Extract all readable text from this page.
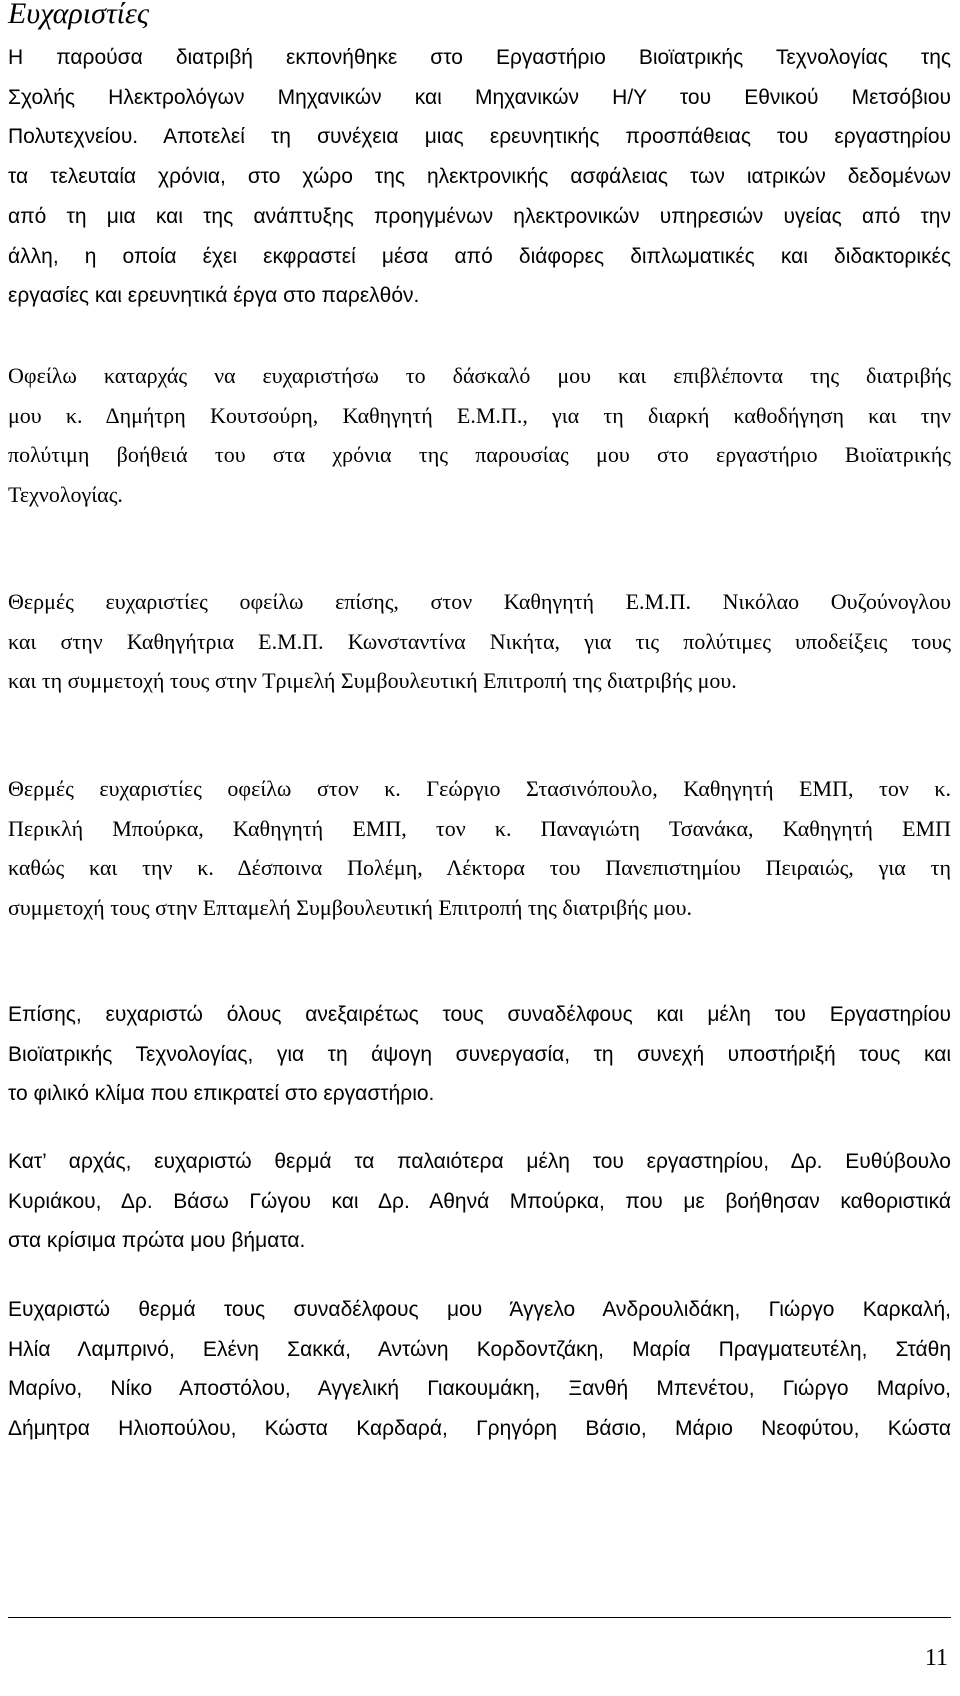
Ευχαριστίες
Η παρούσα διατριβή εκπονήθηκε στο Εργαστήριο Βιοϊατρικής Τεχνολογίας της
Σχολής Ηλεκτρολόγων Μηχανικών και Μηχανικών Η/Υ του Εθνικού Μετσόβιου
Πολυτεχνείου. Αποτελεί τη συνέχεια μιας ερευνητικής προσπάθειας του εργαστηρίου
τα τελευταία χρόνια, στο χώρο της ηλεκτρονικής ασφάλειας των ιατρικών δεδομένων
από τη μια και της ανάπτυξης προηγμένων ηλεκτρονικών υπηρεσιών υγείας από την
άλλη, η οποία έχει εκφραστεί μέσα από διάφορες διπλωματικές και διδακτορικές
εργασίες και ερευνητικά έργα στο παρελθόν.
Οφείλω καταρχάς να ευχαριστήσω το δάσκαλό μου και επιβλέποντα της διατριβής
μου κ. Δημήτρη Κουτσούρη, Καθηγητή Ε.Μ.Π., για τη διαρκή καθοδήγηση και την
πολύτιμη βοήθειά του στα χρόνια της παρουσίας μου στο εργαστήριο Βιοϊατρικής
Τεχνολογίας.
Θερμές ευχαριστίες οφείλω επίσης, στον Καθηγητή Ε.Μ.Π. Νικόλαο Ουζούνογλου
και στην Καθηγήτρια Ε.Μ.Π. Κωνσταντίνα Νικήτα, για τις πολύτιμες υποδείξεις τους
και τη συμμετοχή τους στην Τριμελή Συμβουλευτική Επιτροπή της διατριβής μου.
Θερμές ευχαριστίες οφείλω στον κ. Γεώργιο Στασινόπουλο, Καθηγητή ΕΜΠ, τον κ.
Περικλή Μπούρκα, Καθηγητή ΕΜΠ, τον κ. Παναγιώτη Τσανάκα, Καθηγητή ΕΜΠ
καθώς και την κ. Δέσποινα Πολέμη, Λέκτορα του Πανεπιστημίου Πειραιώς, για τη
συμμετοχή τους στην Επταμελή Συμβουλευτική Επιτροπή της διατριβής μου.
Επίσης, ευχαριστώ όλους ανεξαιρέτως τους συναδέλφους και μέλη του Εργαστηρίου
Βιοϊατρικής Τεχνολογίας, για τη άψογη συνεργασία, τη συνεχή υποστήριξή τους και
το φιλικό κλίμα που επικρατεί στο εργαστήριο.
Κατ’ αρχάς, ευχαριστώ θερμά τα παλαιότερα μέλη του εργαστηρίου, Δρ. Ευθύβουλο
Κυριάκου, Δρ. Βάσω Γώγου και Δρ. Αθηνά Μπούρκα, που με βοήθησαν καθοριστικά
στα κρίσιμα πρώτα μου βήματα.
Ευχαριστώ θερμά τους συναδέλφους μου Άγγελο Ανδρουλιδάκη, Γιώργο Καρκαλή,
Ηλία Λαμπρινό, Ελένη Σακκά, Αντώνη Κορδοντζάκη, Μαρία Πραγματευτέλη, Στάθη
Μαρίνο, Νίκο Αποστόλου, Αγγελική Γιακουμάκη, Ξανθή Μπενέτου, Γιώργο Μαρίνο,
Δήμητρα Ηλιοπούλου, Κώστα Καρδαρά, Γρηγόρη Βάσιο, Μάριο Νεοφύτου, Κώστα
11
